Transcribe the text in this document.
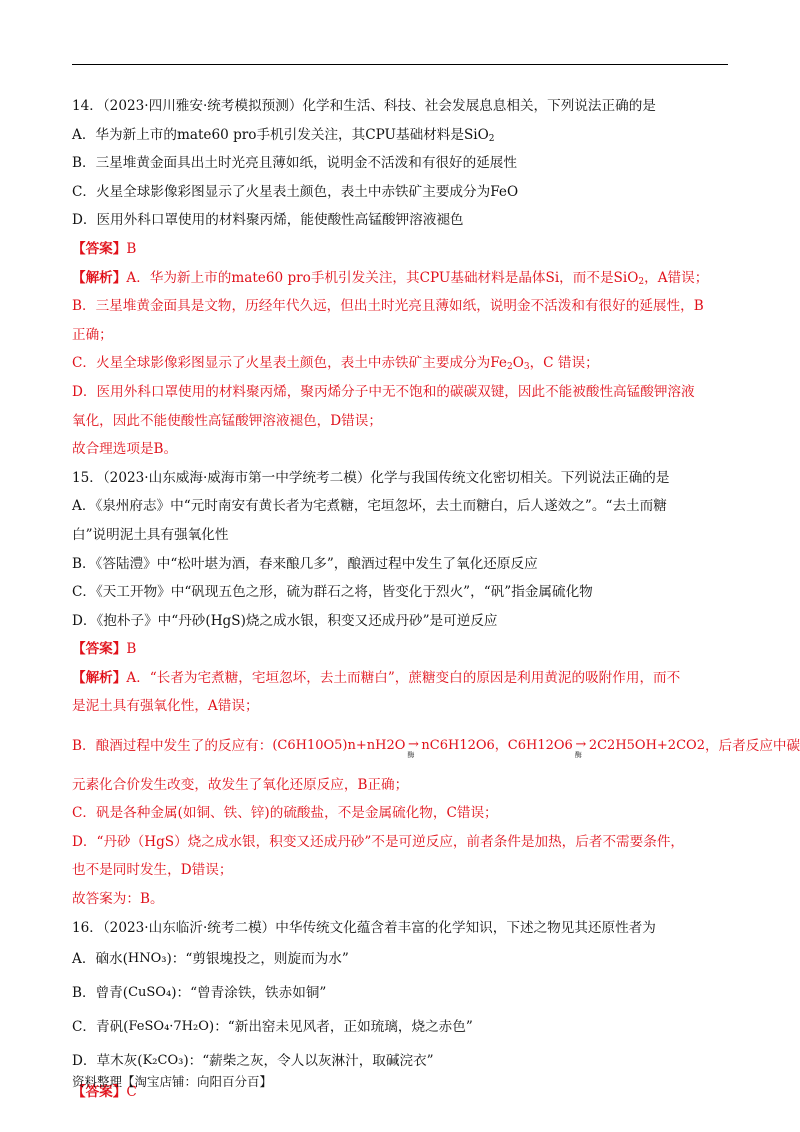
14．（2023·四川雅安·统考模拟预测）化学和生活、科技、社会发展息息相关，下列说法正确的是

A．华为新上市的mate60 pro手机引发关注，其CPU基础材料是SiO$_2$

B．三星堆黄金面具出土时光亮且薄如纸，说明金不活泼和有很好的延展性

C．火星全球影像彩图显示了火星表土颜色，表土中赤铁矿主要成分为FeO

D．医用外科口罩使用的材料聚丙烯，能使酸性高锰酸钾溶液褪色

【答案】B

【解析】A．华为新上市的mate60 pro手机引发关注，其CPU基础材料是晶体Si，而不是SiO$_2$，A错误；

B．三星堆黄金面具是文物，历经年代久远，但出土时光亮且薄如纸，说明金不活泼和有很好的延展性，B

正确；

C．火星全球影像彩图显示了火星表土颜色，表土中赤铁矿主要成分为$Fe_2O_3$，C 错误；

D．医用外科口罩使用的材料聚丙烯，聚丙烯分子中无不饱和的碳碳双键，因此不能被酸性高锰酸钾溶液

氧化，因此不能使酸性高锰酸钾溶液褪色，D错误；

故合理选项是B。

15．（2023·山东威海·威海市第一中学统考二模）化学与我国传统文化密切相关。下列说法正确的是

A．《泉州府志》中“元时南安有黄长者为宅煮糖，宅垣忽坏，去土而糖白，后人遂效之”。“去土而糖

白”说明泥土具有强氧化性

B．《答陆澧》中“松叶堪为酒，春来酿几多”，酿酒过程中发生了氧化还原反应

C．《天工开物》中“矾现五色之形，硫为群石之将，皆变化于烈火”，“矾”指金属硫化物

D．《抱朴子》中“丹砂(HgS)烧之成水银，积变又还成丹砂”是可逆反应

【答案】B

【解析】A．“长者为宅煮糖，宅垣忽坏，去土而糖白”，蔗糖变白的原因是利用黄泥的吸附作用，而不

是泥土具有强氧化性，A错误；

B．酿酒过程中发生了的反应有：(C6H10O5)n+nH2O →
酶
nC6H12O6，C6H12O6 →
酶
2C2H5OH+2CO2，后者反应中碳

元素化合价发生改变，故发生了氧化还原反应，B正确；

C．矾是各种金属(如铜、铁、锌)的硫酸盐，不是金属硫化物，C错误；

D．“丹砂（HgS）烧之成水银，积变又还成丹砂”不是可逆反应，前者条件是加热，后者不需要条件，

也不是同时发生，D错误；

故答案为：B。

16．（2023·山东临沂·统考二模）中华传统文化蕴含着丰富的化学知识，下述之物见其还原性者为

A．硇水(HNO₃)：“剪银塊投之，则旋而为水”

B．曾青(CuSO₄)：“曾青涂铁，铁赤如铜”

C．青矾(FeSO₄·7H₂O)：“新出窑未见风者，正如琉璃，烧之赤色”

D．草木灰(K₂CO₃)：“薪柴之灰，令人以灰淋汁，取碱浣衣”

【答案】C

资料整理【淘宝店铺：向阳百分百】
